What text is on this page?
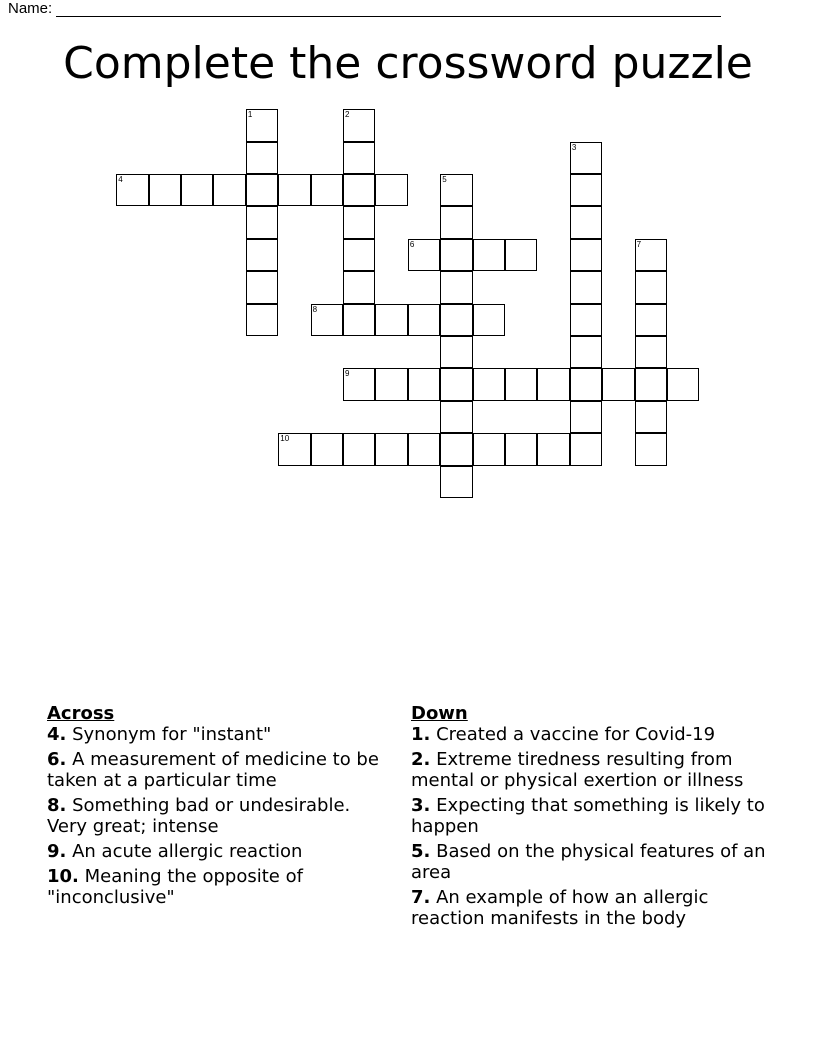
Name:
Complete the crossword puzzle
1	2
3
4	5
6	7
8
9
10
Across
4. Synonym for "instant"
6. A measurement of medicine to be taken at a particular time
8. Something bad or undesirable. Very great; intense
9. An acute allergic reaction
10. Meaning the opposite of "inconclusive"
Down
1. Created a vaccine for Covid-19
2. Extreme tiredness resulting from mental or physical exertion or illness
3. Expecting that something is likely to happen
5. Based on the physical features of an area
7. An example of how an allergic reaction manifests in the body
